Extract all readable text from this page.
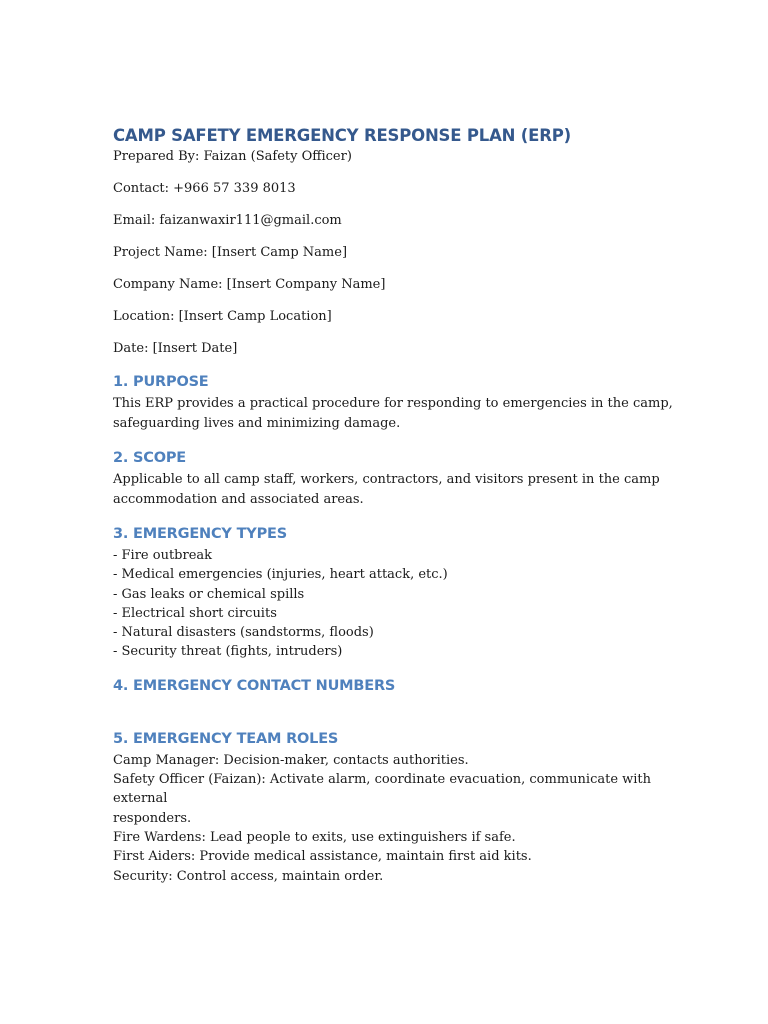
CAMP SAFETY EMERGENCY RESPONSE PLAN (ERP)

Prepared By: Faizan (Safety Officer)

Contact: +966 57 339 8013

Email: faizanwaxir111@gmail.com

Project Name: [Insert Camp Name]

Company Name: [Insert Company Name]

Location: [Insert Camp Location]

Date: [Insert Date]

1. PURPOSE

This ERP provides a practical procedure for responding to emergencies in the camp,

safeguarding lives and minimizing damage.

2. SCOPE

Applicable to all camp staff, workers, contractors, and visitors present in the camp

accommodation and associated areas.

3. EMERGENCY TYPES

- Fire outbreak

- Medical emergencies (injuries, heart attack, etc.)

- Gas leaks or chemical spills

- Electrical short circuits

- Natural disasters (sandstorms, floods)

- Security threat (fights, intruders)

4. EMERGENCY CONTACT NUMBERS
5. EMERGENCY TEAM ROLES

Camp Manager: Decision-maker, contacts authorities.

Safety Officer (Faizan): Activate alarm, coordinate evacuation, communicate with external

responders.

Fire Wardens: Lead people to exits, use extinguishers if safe.

First Aiders: Provide medical assistance, maintain first aid kits.

Security: Control access, maintain order.
